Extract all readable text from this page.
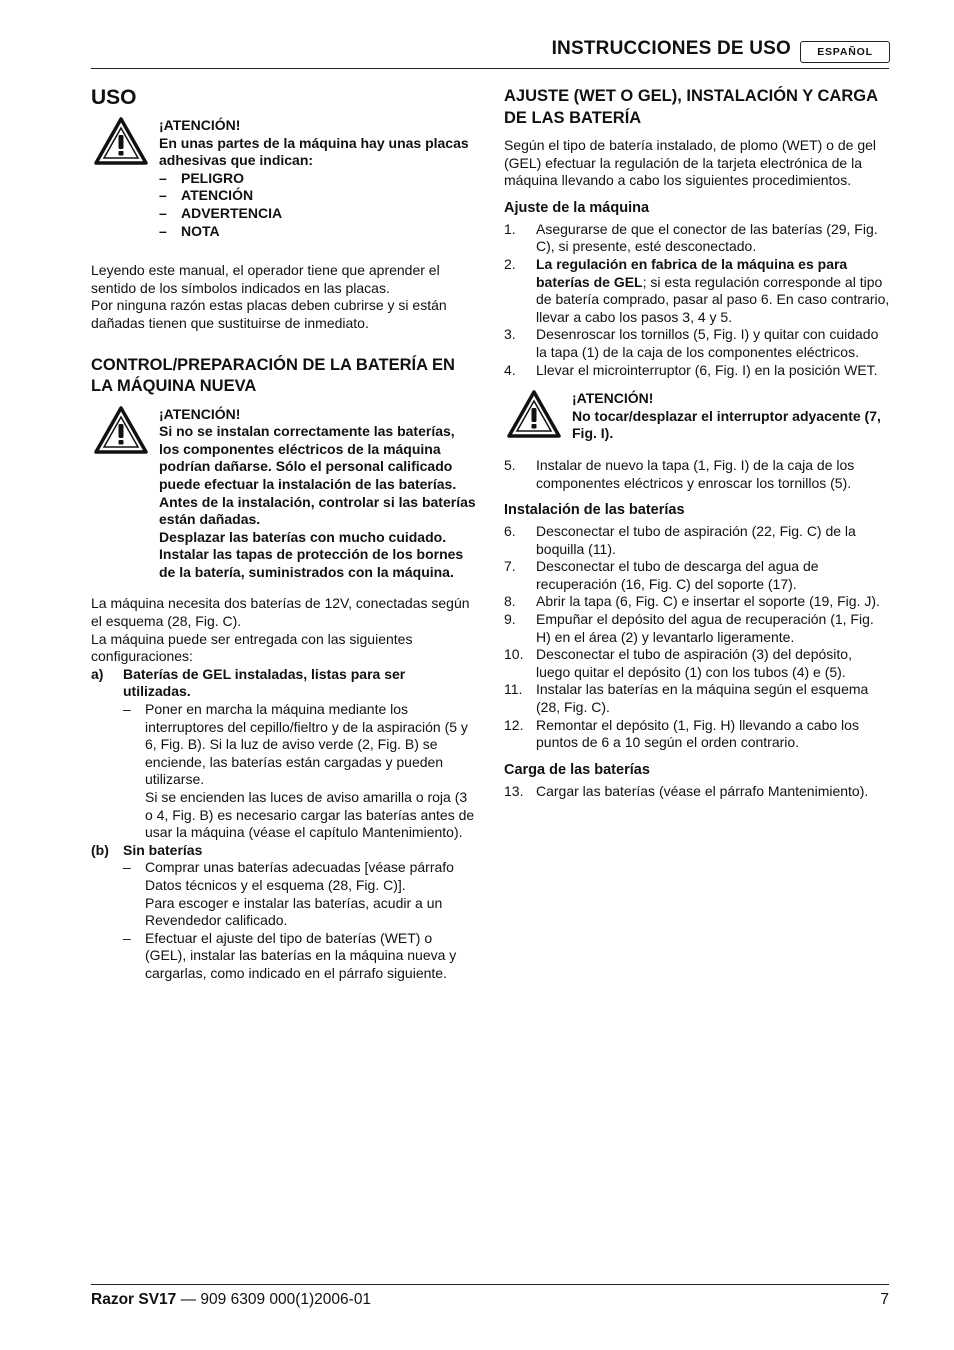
INSTRUCCIONES DE USO	ESPAÑOL
USO
¡ATENCIÓN!
En unas partes de la máquina hay unas placas adhesivas que indican:
–	PELIGRO
–	ATENCIÓN
–	ADVERTENCIA
–	NOTA

Leyendo este manual, el operador tiene que aprender el sentido de los símbolos indicados en las placas.

Por ninguna razón estas placas deben cubrirse y si están dañadas tienen que sustituirse de inmediato.

CONTROL/PREPARACIÓN DE LA BATERÍA EN LA MÁQUINA NUEVA
¡ATENCIÓN!
Si no se instalan correctamente las baterías, los componentes eléctricos de la máquina podrían dañarse. Sólo el personal calificado puede efectuar la instalación de las baterías.
Antes de la instalación, controlar si las baterías están dañadas.
Desplazar las baterías con mucho cuidado.
Instalar las tapas de protección de los bornes de la batería, suministrados con la máquina.

La máquina necesita dos baterías de 12V, conectadas según el esquema (28, Fig. C).

La máquina puede ser entregada con las siguientes configuraciones:

a)	Baterías de GEL instaladas, listas para ser utilizadas.
–	Poner en marcha la máquina mediante los interruptores del cepillo/fieltro y de la aspiración (5 y 6, Fig. B). Si la luz de aviso verde (2, Fig. B) se enciende, las baterías están cargadas y pueden utilizarse.
Si se encienden las luces de aviso amarilla o roja (3 o 4, Fig. B) es necesario cargar las baterías antes de usar la máquina (véase el capítulo Mantenimiento).
(b)	Sin baterías
–	Comprar unas baterías adecuadas [véase párrafo Datos técnicos y el esquema (28, Fig. C)].
Para escoger e instalar las baterías, acudir a un Revendedor calificado.
–	Efectuar el ajuste del tipo de baterías (WET) o (GEL), instalar las baterías en la máquina nueva y cargarlas, como indicado en el párrafo siguiente.
AJUSTE (WET O GEL), INSTALACIÓN Y CARGA DE LAS BATERÍA

Según el tipo de batería instalado, de plomo (WET) o de gel (GEL) efectuar la regulación de la tarjeta electrónica de la máquina llevando a cabo los siguientes procedimientos.

Ajuste de la máquina
1.	Asegurarse de que el conector de las baterías (29, Fig. C), si presente, esté desconectado.
2.	La regulación en fabrica de la máquina es para baterías de GEL; si esta regulación corresponde al tipo de batería comprado, pasar al paso 6. En caso contrario, llevar a cabo los pasos 3, 4 y 5.
3.	Desenroscar los tornillos (5, Fig. I) y quitar con cuidado la tapa (1) de la caja de los componentes eléctricos.
4.	Llevar el microinterruptor (6, Fig. I) en la posición WET.
¡ATENCIÓN!
No tocar/desplazar el interruptor adyacente (7, Fig. I).
5.	Instalar de nuevo la tapa (1, Fig. I) de la caja de los componentes eléctricos y enroscar los tornillos (5).
Instalación de las baterías
6.	Desconectar el tubo de aspiración (22, Fig. C) de la boquilla (11).
7.	Desconectar el tubo de descarga del agua de recuperación (16, Fig. C) del soporte (17).
8.	Abrir la tapa (6, Fig. C) e insertar el soporte (19, Fig. J).
9.	Empuñar el depósito del agua de recuperación (1, Fig. H) en el área (2) y levantarlo ligeramente.
10. Desconectar el tubo de aspiración (3) del depósito, luego quitar el depósito (1) con los tubos (4) e (5).
11. Instalar las baterías en la máquina según el esquema (28, Fig. C).
12. Remontar el depósito (1, Fig. H) llevando a cabo los puntos de 6 a 10 según el orden contrario.
Carga de las baterías
13. Cargar las baterías (véase el párrafo Mantenimiento).
Razor SV17 — 909 6309 000(1)2006-01	7
